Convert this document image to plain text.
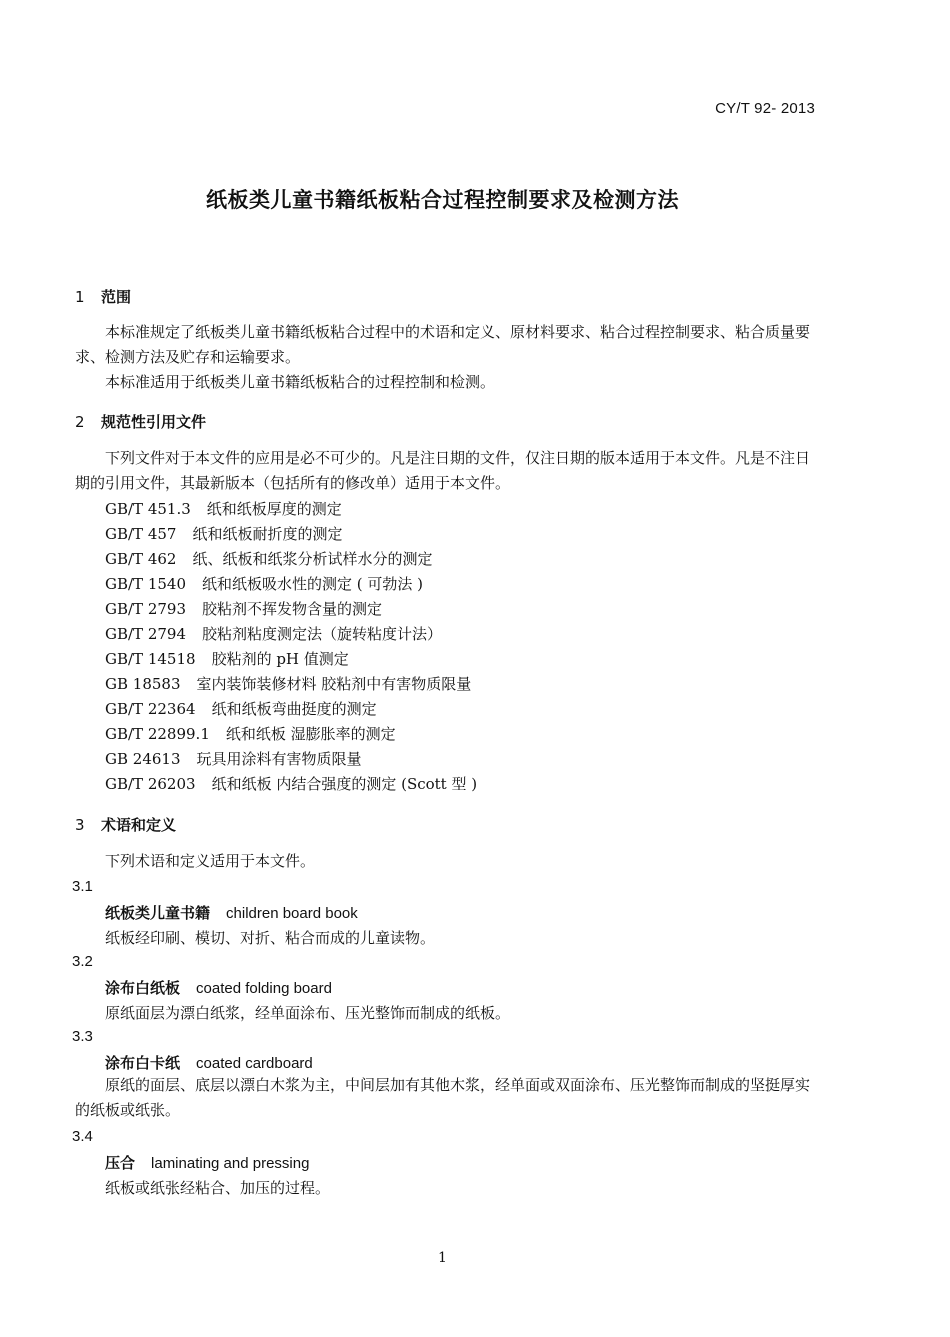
CY/T 92- 2013
纸板类儿童书籍纸板粘合过程控制要求及检测方法
1 范围
本标准规定了纸板类儿童书籍纸板粘合过程中的术语和定义、原材料要求、粘合过程控制要求、粘合质量要求、检测方法及贮存和运输要求。
本标准适用于纸板类儿童书籍纸板粘合的过程控制和检测。
2 规范性引用文件
下列文件对于本文件的应用是必不可少的。凡是注日期的文件，仅注日期的版本适用于本文件。凡是不注日期的引用文件，其最新版本（包括所有的修改单）适用于本文件。
GB/T 451.3 纸和纸板厚度的测定
GB/T 457 纸和纸板耐折度的测定
GB/T 462 纸、纸板和纸浆分析试样水分的测定
GB/T 1540 纸和纸板吸水性的测定 ( 可勃法 )
GB/T 2793 胶粘剂不挥发物含量的测定
GB/T 2794 胶粘剂粘度测定法（旋转粘度计法）
GB/T 14518 胶粘剂的 pH 值测定
GB 18583 室内装饰装修材料 胶粘剂中有害物质限量
GB/T 22364 纸和纸板弯曲挺度的测定
GB/T 22899.1 纸和纸板 湿膨胀率的测定
GB 24613 玩具用涂料有害物质限量
GB/T 26203 纸和纸板 内结合强度的测定 (Scott 型 )
3 术语和定义
下列术语和定义适用于本文件。
3.1
纸板类儿童书籍 children board book
纸板经印刷、模切、对折、粘合而成的儿童读物。
3.2
涂布白纸板 coated folding board
原纸面层为漂白纸浆，经单面涂布、压光整饰而制成的纸板。
3.3
涂布白卡纸 coated cardboard
原纸的面层、底层以漂白木浆为主，中间层加有其他木浆，经单面或双面涂布、压光整饰而制成的坚挺厚实的纸板或纸张。
3.4
压合 laminating and pressing
纸板或纸张经粘合、加压的过程。
1
